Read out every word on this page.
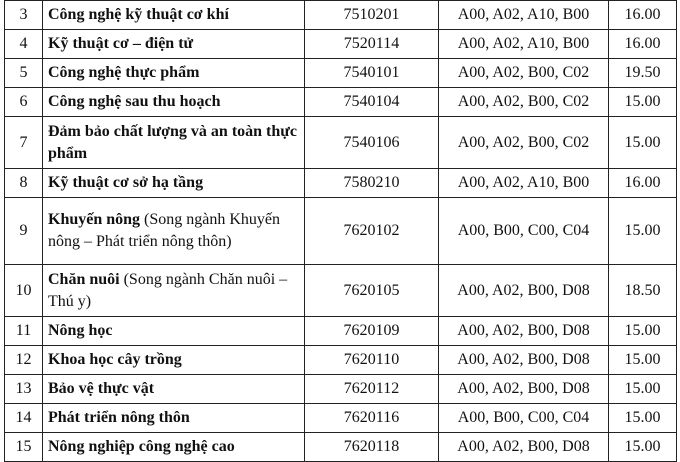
3	Công nghệ kỹ thuật cơ khí	7510201	A00, A02, A10, B00	16.00
4	Kỹ thuật cơ – điện tử	7520114	A00, A02, A10, B00	16.00
5	Công nghệ thực phẩm	7540101	A00, A02, B00, C02	19.50
6	Công nghệ sau thu hoạch	7540104	A00, A02, B00, C02	15.00
7	Đảm bảo chất lượng và an toàn thực phẩm	7540106	A00, A02, B00, C02	15.00
8	Kỹ thuật cơ sở hạ tầng	7580210	A00, A02, A10, B00	16.00
9	Khuyến nông (Song ngành Khuyến nông – Phát triển nông thôn)	7620102	A00, B00, C00, C04	15.00
10	Chăn nuôi (Song ngành Chăn nuôi – Thú y)	7620105	A00, A02, B00, D08	18.50
11	Nông học	7620109	A00, A02, B00, D08	15.00
12	Khoa học cây trồng	7620110	A00, A02, B00, D08	15.00
13	Bảo vệ thực vật	7620112	A00, A02, B00, D08	15.00
14	Phát triển nông thôn	7620116	A00, B00, C00, C04	15.00
15	Nông nghiệp công nghệ cao	7620118	A00, A02, B00, D08	15.00
